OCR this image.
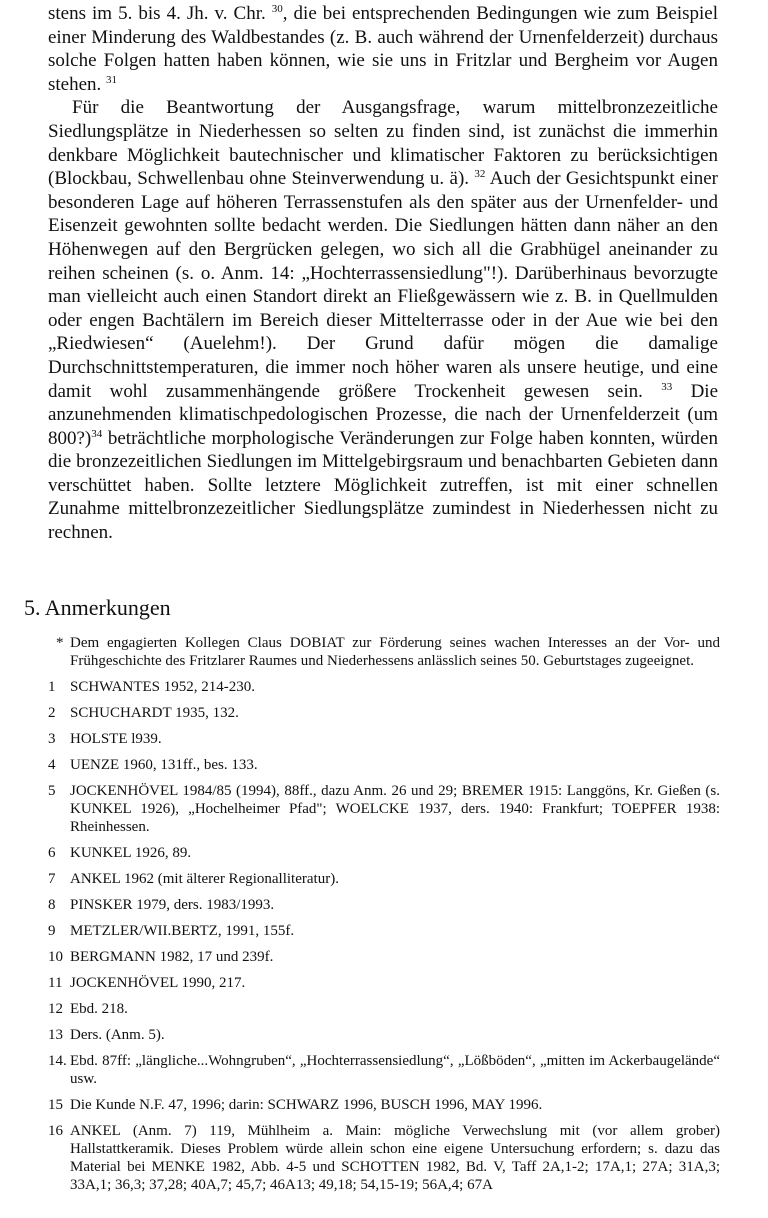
stens im 5. bis 4. Jh. v. Chr. $^{30}$, die bei entsprechenden Bedingungen wie zum Beispiel einer Minderung des Waldbestandes (z. B. auch während der Urnenfelderzeit) durchaus solche Folgen hatten haben können, wie sie uns in Fritzlar und Bergheim vor Augen stehen. $^{31}$

Für die Beantwortung der Ausgangsfrage, warum mittelbronzezeitliche Siedlungsplätze in Niederhessen so selten zu finden sind, ist zunächst die immerhin denkbare Möglichkeit bautechnischer und klimatischer Faktoren zu berücksichtigen (Blockbau, Schwellenbau ohne Steinverwendung u. ä). $^{32}$ Auch der Gesichtspunkt einer besonderen Lage auf höheren Terrassenstufen als den später aus der Urnenfelder- und Eisenzeit gewohnten sollte bedacht werden. Die Siedlungen hätten dann näher an den Höhenwegen auf den Bergrücken gelegen, wo sich all die Grabhügel aneinander zu reihen scheinen (s. o. Anm. 14: „Hochterrassensiedlung"!). Darüberhinaus bevorzugte man vielleicht auch einen Standort direkt an Fließgewässern wie z. B. in Quellmulden oder engen Bachtälern im Bereich dieser Mittelterrasse oder in der Aue wie bei den „Riedwiesen“ (Auelehm!). Der Grund dafür mögen die damalige Durchschnittstemperaturen, die immer noch höher waren als unsere heutige, und eine damit wohl zusammenhängende größere Trockenheit gewesen sein. $^{33}$ Die anzunehmenden klimatischpedologischen Prozesse, die nach der Urnenfelderzeit (um 800?)$^{34}$ beträchtliche morphologische Veränderungen zur Folge haben konnten, würden die bronzezeitlichen Siedlungen im Mittelgebirgsraum und benachbarten Gebieten dann verschüttet haben. Sollte letztere Möglichkeit zutreffen, ist mit einer schnellen Zunahme mittelbronzezeitlicher Siedlungsplätze zumindest in Niederhessen nicht zu rechnen.

5. Anmerkungen
* Dem engagierten Kollegen Claus DOBIAT zur Förderung seines wachen Interesses an der Vor- und Frühgeschichte des Fritzlarer Raumes und Niederhessens anlässlich seines 50. Geburtstages zugeeignet.
1 SCHWANTES 1952, 214-230.
2 SCHUCHARDT 1935, 132.
3 HOLSTE l939.
4 UENZE 1960, 131ff., bes. 133.
5 JOCKENHÖVEL 1984/85 (1994), 88ff., dazu Anm. 26 und 29; BREMER 1915: Langgöns, Kr. Gießen (s. KUNKEL 1926), „Hochelheimer Pfad"; WOELCKE 1937, ders. 1940: Frankfurt; TOEPFER 1938: Rheinhessen.
6 KUNKEL 1926, 89.
7 ANKEL 1962 (mit älterer Regionalliteratur).
8 PINSKER 1979, ders. 1983/1993.
9 METZLER/WII.BERTZ, 1991, 155f.
10 BERGMANN 1982, 17 und 239f.
11 JOCKENHÖVEL 1990, 217.
12 Ebd. 218.
13 Ders. (Anm. 5).
14. Ebd. 87ff: „längliche...Wohngruben“, „Hochterrassensiedlung“, „Lößböden“, „mitten im Ackerbaugelände“ usw.
15 Die Kunde N.F. 47, 1996; darin: SCHWARZ 1996, BUSCH 1996, MAY 1996.
16 ANKEL (Anm. 7) 119, Mühlheim a. Main: mögliche Verwechslung mit (vor allem grober) Hallstattkeramik. Dieses Problem würde allein schon eine eigene Untersuchung erfordern; s. dazu das Material bei MENKE 1982, Abb. 4-5 und SCHOTTEN 1982, Bd. V, Taff 2A,1-2; 17A,1; 27A; 31A,3; 33A,1; 36,3; 37,28; 40A,7; 45,7; 46A13; 49,18; 54,15-19; 56A,4; 67A
